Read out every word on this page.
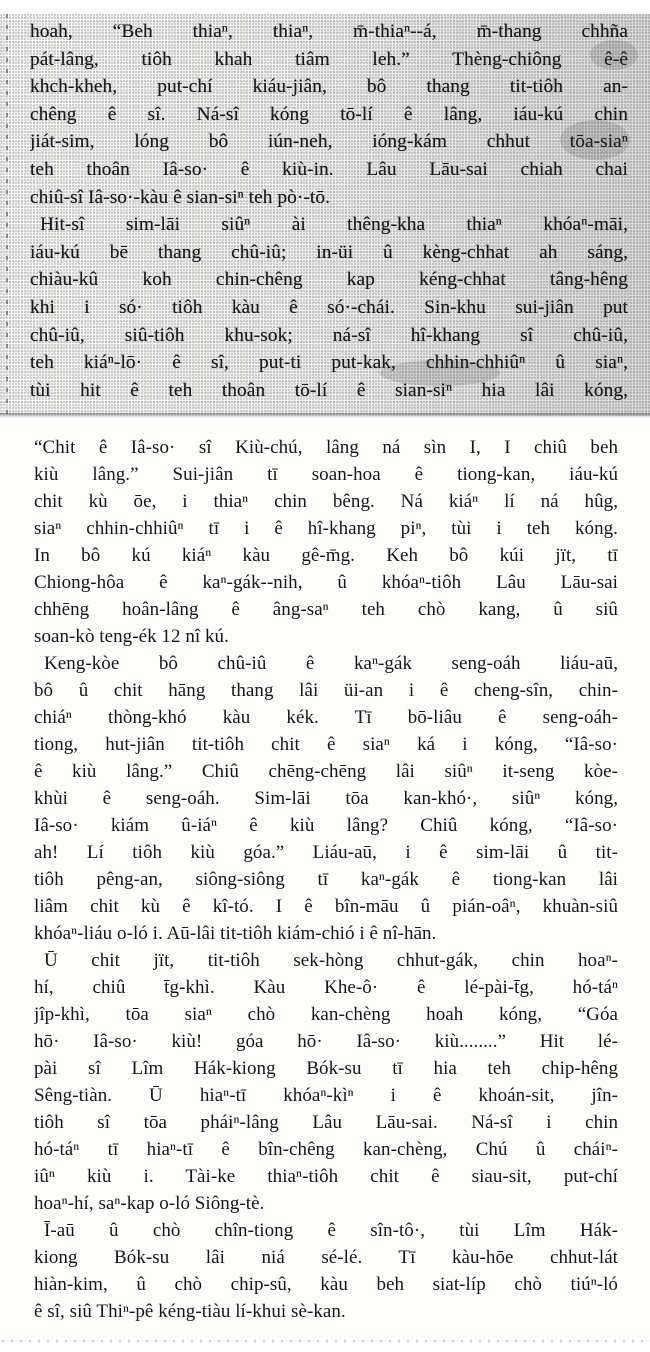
hoah, “Beh thiaⁿ, thiaⁿ, m̄-thiaⁿ--á, m̄-thang chhña
pát-lâng, tiôh khah tiâm leh.” Thèng-chiông ê-ê
khch-kheh, put-chí kiáu-jiân, bô thang tit-tiôh an-
chêng ê sî. Ná-sî kóng tō-lí ê lâng, iáu-kú chin
jiát-sim, lóng bô iún-neh, ióng-kám chhut tōa-siaⁿ
teh thoân Iâ-so· ê kiù-in. Lâu Lāu-sai chiah chai
chiû-sî Iâ-so·-kàu ê sian-siⁿ teh pò·-tō.
Hit-sî sim-lāi siûⁿ ài thêng-kha thiaⁿ khóaⁿ-māi,
iáu-kú bē thang chû-iû; in-üi û kèng-chhat ah sáng,
chiàu-kû koh chin-chêng kap kéng-chhat tâng-hêng
khi i só· tiôh kàu ê só·-chái. Sin-khu sui-jiân put
chû-iû, siû-tiôh khu-sok; ná-sî hî-khang sî chû-iû,
teh kiáⁿ-lō· ê sî, put-ti put-kak, chhin-chhiûⁿ û siaⁿ,
tùi hit ê teh thoân tō-lí ê sian-siⁿ hia lâi kóng,
“Chit ê Iâ-so· sî Kiù-chú, lâng ná sìn I, I chiû beh
kiù lâng.” Sui-jiân tī soan-hoa ê tiong-kan, iáu-kú
chit kù ōe, i thiaⁿ chin bêng. Ná kiáⁿ lí ná hûg,
siaⁿ chhin-chhiûⁿ tī i ê hî-khang piⁿ, tùi i teh kóng.
In bô kú kiáⁿ kàu gê-m̄g. Keh bô kúi jït, tī
Chiong-hôa ê kaⁿ-gák--nih, û khóaⁿ-tiôh Lâu Lāu-sai
chhēng hoân-lâng ê âng-saⁿ teh chò kang, û siû
soan-kò teng-ék 12 nî kú.
Keng-kòe bô chû-iû ê kaⁿ-gák seng-oáh liáu-aū,
bô û chit hāng thang lâi üi-an i ê cheng-sîn, chin-
chiáⁿ thòng-khó kàu kék. Tī bō-liâu ê seng-oáh-
tiong, hut-jiân tit-tiôh chit ê siaⁿ ká i kóng, “Iâ-so·
ê kiù lâng.” Chiû chēng-chēng lâi siûⁿ it-seng kòe-
khùi ê seng-oáh. Sim-lāi tōa kan-khó·, siûⁿ kóng,
Iâ-so· kiám û-iáⁿ ê kiù lâng? Chiû kóng, “Iâ-so·
ah! Lí tiôh kiù góa.” Liáu-aū, i ê sim-lāi û tit-
tiôh pêng-an, siông-siông tī kaⁿ-gák ê tiong-kan lâi
liâm chit kù ê kî-tó. I ê bîn-māu û pián-oâⁿ, khuàn-siû
khóaⁿ-liáu o-ló i. Aū-lâi tit-tiôh kiám-chió i ê nî-hān.
Ū chit jït, tit-tiôh sek-hòng chhut-gák, chin hoaⁿ-
hí, chiû t̄g-khì. Kàu Khe-ô· ê lé-pài-t̄g, hó-táⁿ
jîp-khì, tōa siaⁿ chò kan-chèng hoah kóng, “Góa
hō· Iâ-so· kiù! góa hō· Iâ-so· kiù........” Hit lé-
pài sî Lîm Hák-kiong Bók-su tī hia teh chip-hêng
Sêng-tiàn. Ū hiaⁿ-tī khóaⁿ-kìⁿ i ê khoán-sit, jîn-
tiôh sî tōa pháiⁿ-lâng Lâu Lāu-sai. Ná-sî i chin
hó-táⁿ tī hiaⁿ-tī ê bîn-chêng kan-chèng, Chú û cháiⁿ-
iûⁿ kiù i. Tài-ke thiaⁿ-tiôh chit ê siau-sit, put-chí
hoaⁿ-hí, saⁿ-kap o-ló Siông-tè.
Ī-aū û chò chîn-tiong ê sîn-tô·, tùi Lîm Hák-
kiong Bók-su lâi niá sé-lé. Tī kàu-hōe chhut-lát
hiàn-kim, û chò chip-sû, kàu beh siat-líp chò tiúⁿ-ló
ê sî, siû Thiⁿ-pê kéng-tiàu lí-khui sè-kan.
